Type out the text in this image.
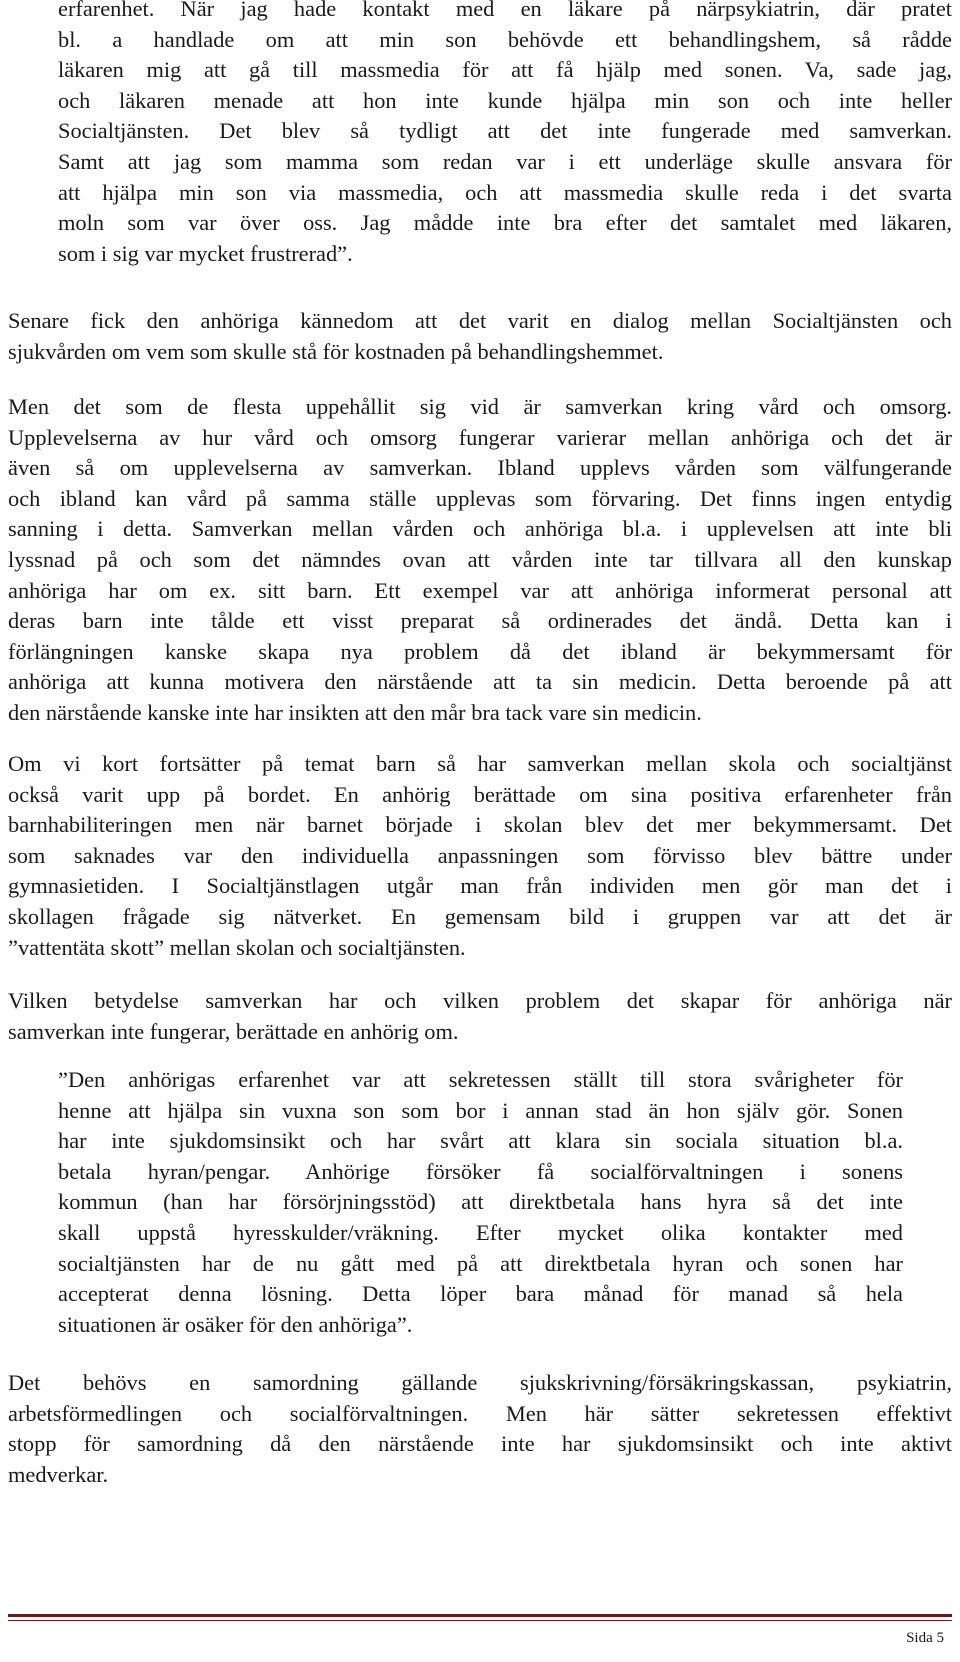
erfarenhet. När jag hade kontakt med en läkare på närpsykiatrin, där pratet
bl. a handlade om att min son behövde ett behandlingshem, så rådde
läkaren mig att gå till massmedia för att få hjälp med sonen. Va, sade jag,
och läkaren menade att hon inte kunde hjälpa min son och inte heller
Socialtjänsten. Det blev så tydligt att det inte fungerade med samverkan.
Samt att jag som mamma som redan var i ett underläge skulle ansvara för
att hjälpa min son via massmedia, och att massmedia skulle reda i det svarta
moln som var över oss. Jag mådde inte bra efter det samtalet med läkaren,
som i sig var mycket frustrerad”.
Senare fick den anhöriga kännedom att det varit en dialog mellan Socialtjänsten och
sjukvården om vem som skulle stå för kostnaden på behandlingshemmet.
Men det som de flesta uppehållit sig vid är samverkan kring vård och omsorg.
Upplevelserna av hur vård och omsorg fungerar varierar mellan anhöriga och det är
även så om upplevelserna av samverkan. Ibland upplevs vården som välfungerande
och ibland kan vård på samma ställe upplevas som förvaring. Det finns ingen entydig
sanning i detta. Samverkan mellan vården och anhöriga bl.a. i upplevelsen att inte bli
lyssnad på och som det nämndes ovan att vården inte tar tillvara all den kunskap
anhöriga har om ex. sitt barn. Ett exempel var att anhöriga informerat personal att
deras barn inte tålde ett visst preparat så ordinerades det ändå. Detta kan i
förlängningen kanske skapa nya problem då det ibland är bekymmersamt för
anhöriga att kunna motivera den närstående att ta sin medicin. Detta beroende på att
den närstående kanske inte har insikten att den mår bra tack vare sin medicin.
Om vi kort fortsätter på temat barn så har samverkan mellan skola och socialtjänst
också varit upp på bordet. En anhörig berättade om sina positiva erfarenheter från
barnhabiliteringen men när barnet började i skolan blev det mer bekymmersamt. Det
som saknades var den individuella anpassningen som förvisso blev bättre under
gymnasietiden. I Socialtjänstlagen utgår man från individen men gör man det i
skollagen frågade sig nätverket. En gemensam bild i gruppen var att det är
”vattentäta skott” mellan skolan och socialtjänsten.
Vilken betydelse samverkan har och vilken problem det skapar för anhöriga när
samverkan inte fungerar, berättade en anhörig om.
”Den anhörigas erfarenhet var att sekretessen ställt till stora svårigheter för
henne att hjälpa sin vuxna son som bor i annan stad än hon själv gör. Sonen
har inte sjukdomsinsikt och har svårt att klara sin sociala situation bl.a.
betala hyran/pengar. Anhörige försöker få socialförvaltningen i sonens
kommun (han har försörjningsstöd) att direktbetala hans hyra så det inte
skall uppstå hyresskulder/vräkning. Efter mycket olika kontakter med
socialtjänsten har de nu gått med på att direktbetala hyran och sonen har
accepterat denna lösning. Detta löper bara månad för manad så hela
situationen är osäker för den anhöriga”.
Det behövs en samordning gällande sjukskrivning/försäkringskassan, psykiatrin,
arbetsförmedlingen och socialförvaltningen. Men här sätter sekretessen effektivt
stopp för samordning då den närstående inte har sjukdomsinsikt och inte aktivt
medverkar.
Sida 5
